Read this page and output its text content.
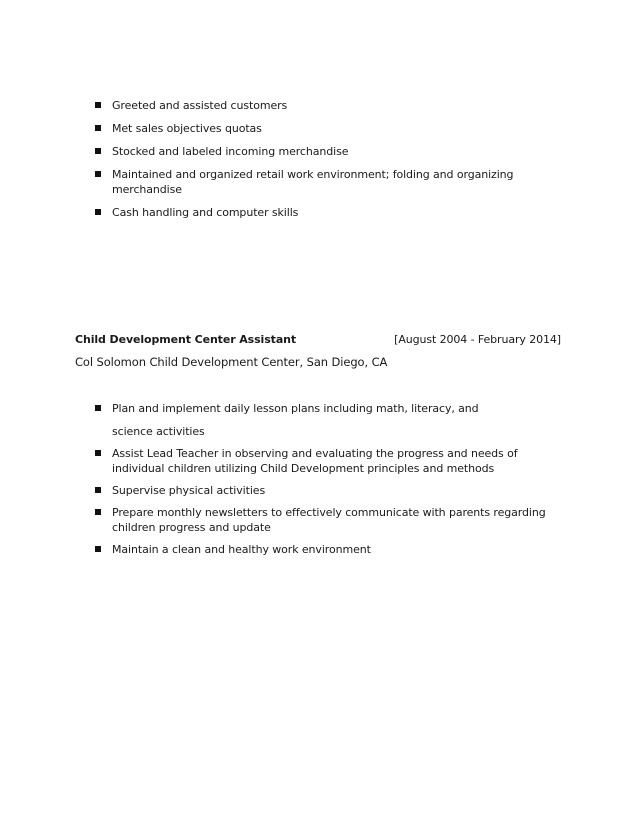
Greeted and assisted customers
Met sales objectives quotas
Stocked and labeled incoming merchandise
Maintained and organized retail work environment; folding and organizing merchandise
Cash handling and computer skills
Child Development Center Assistant	[August 2004 - February 2014]
Col Solomon Child Development Center, San Diego, CA
Plan and implement daily lesson plans including math, literacy, and
science activities
Assist Lead Teacher in observing and evaluating the progress and needs of individual children utilizing Child Development principles and methods
Supervise physical activities
Prepare monthly newsletters to effectively communicate with parents regarding children progress and update
Maintain a clean and healthy work environment
